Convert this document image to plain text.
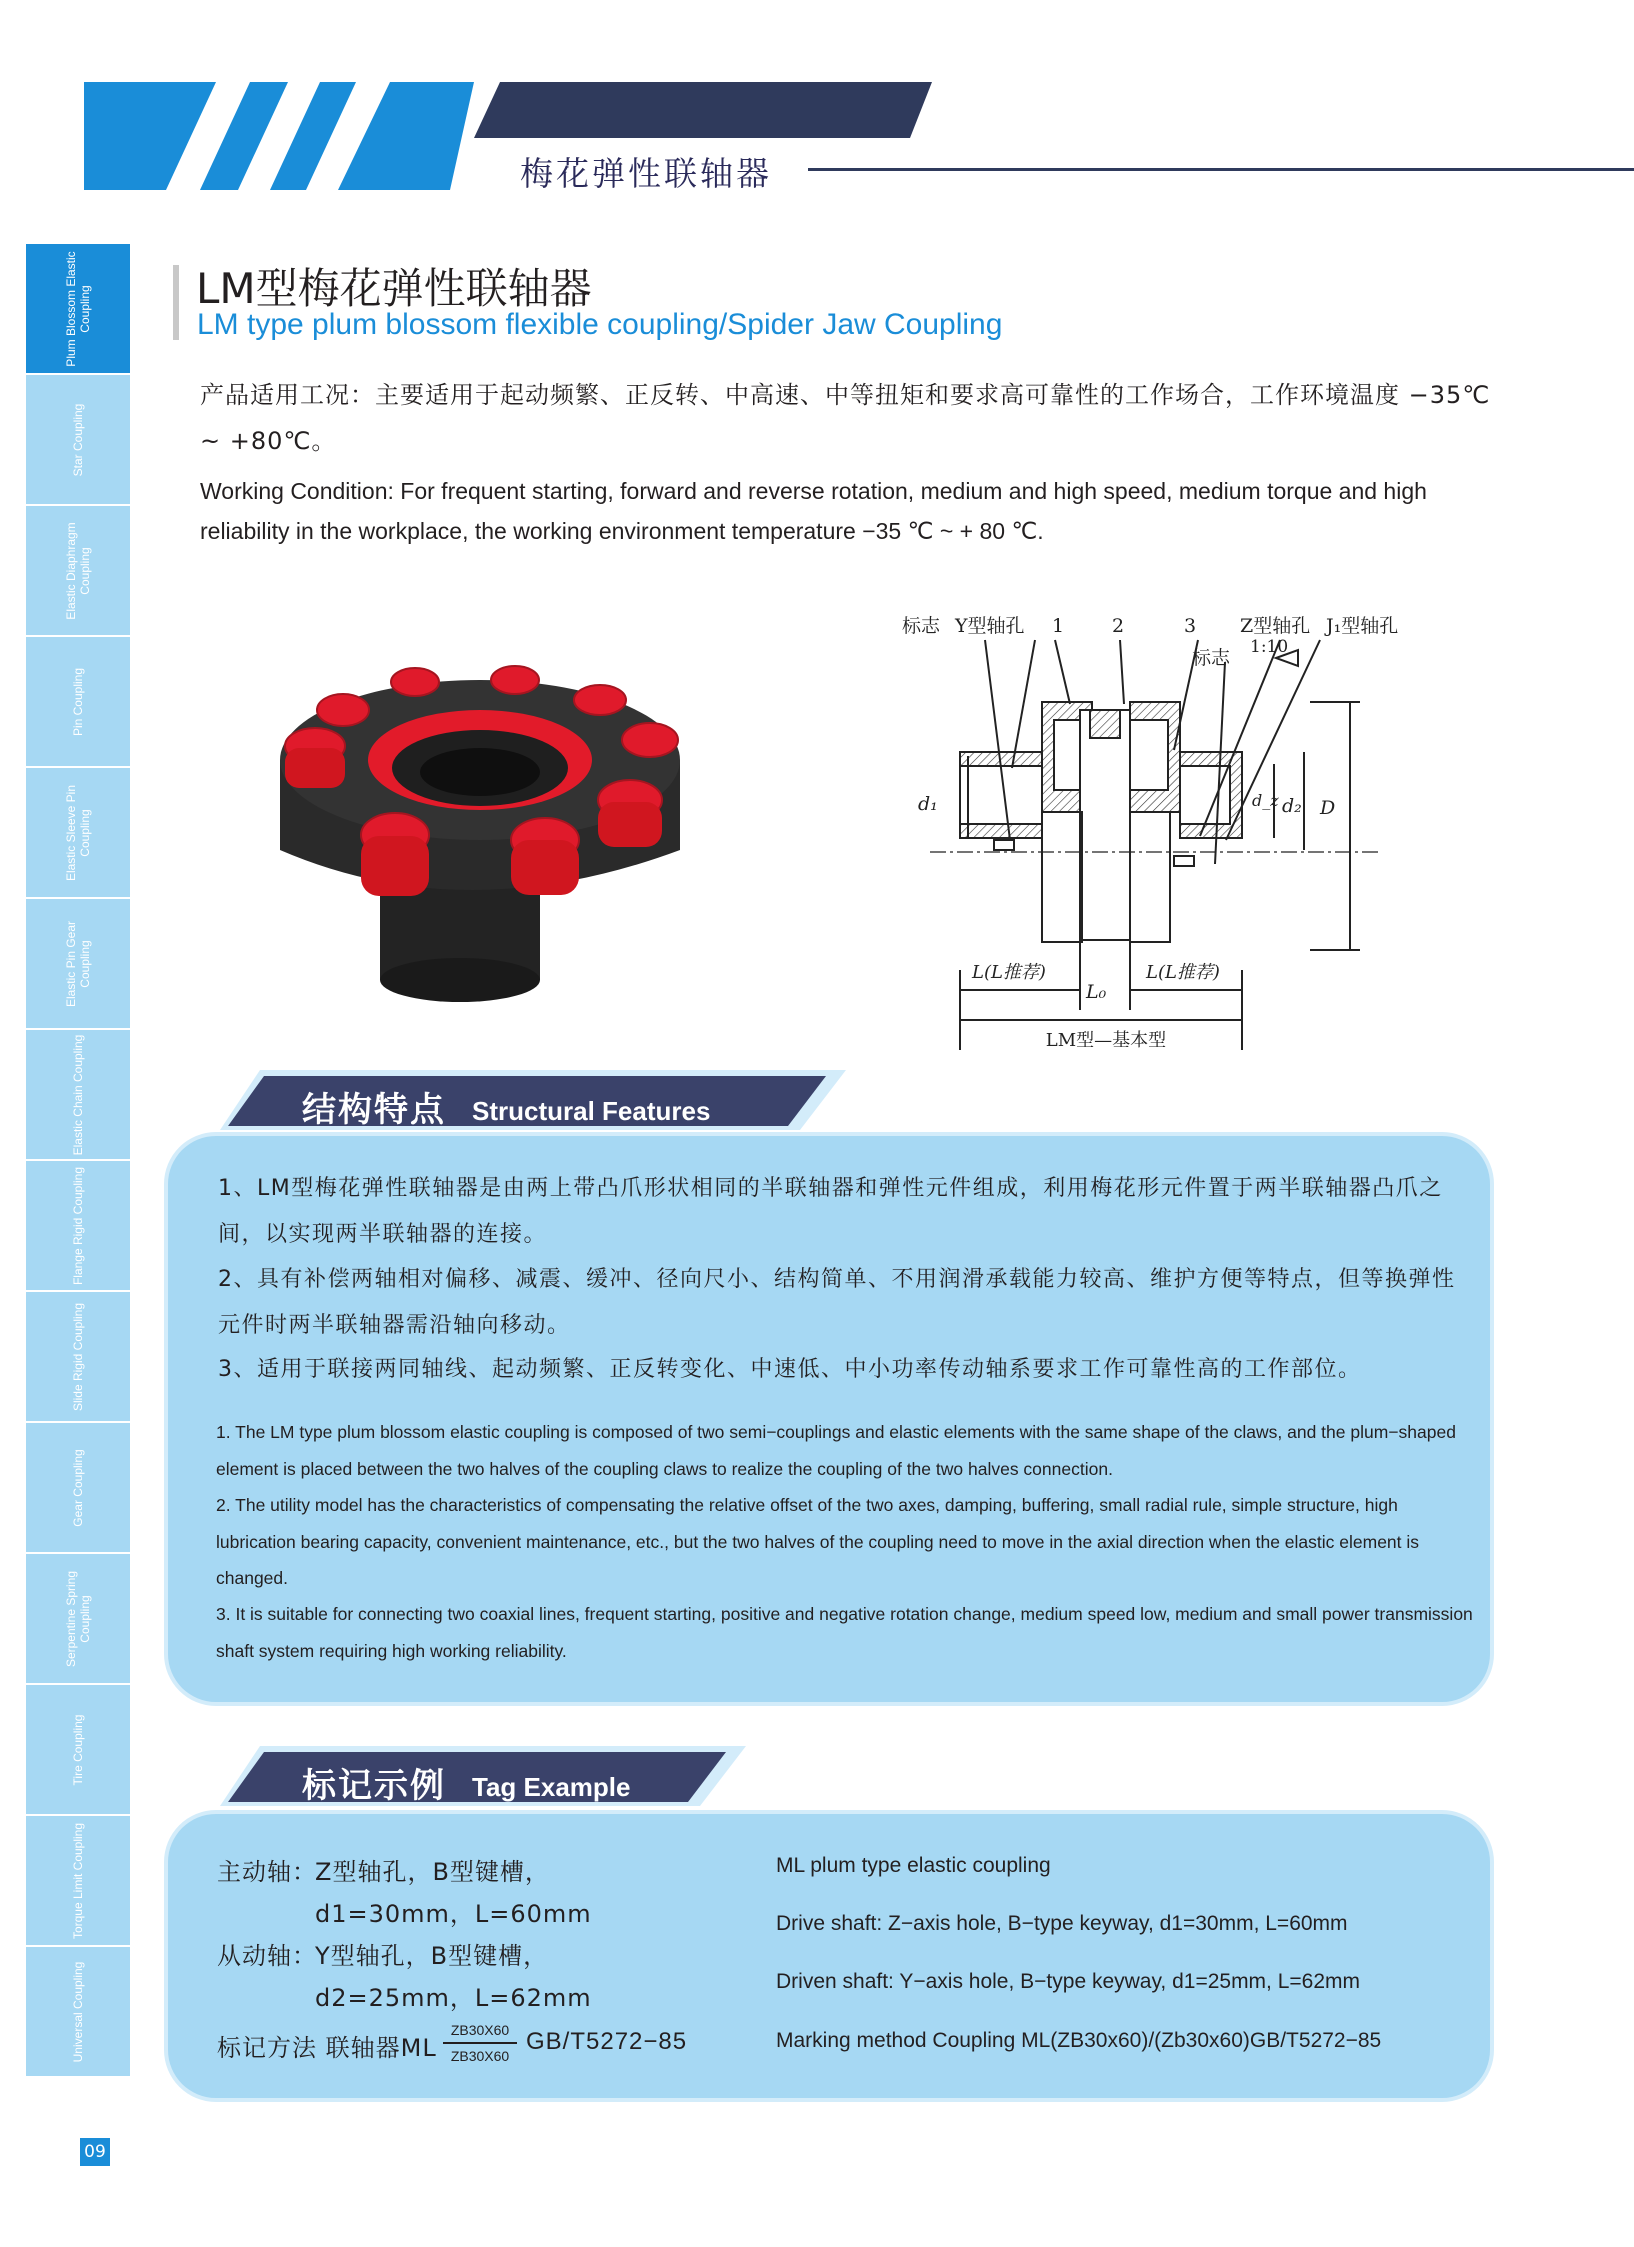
梅花弹性联轴器
Plum Blossom Elastic Coupling
Star Coupling
Elastic Diaphragm Coupling
Pin Coupling
Elastic Sleeve Pin Coupling
Elastic Pin Gear Coupling
Elastic Chain Coupling
Flange Rigid Coupling
Slide Rigid Coupling
Gear Coupling
Serpentine Spring Coupling
Tire Coupling
Torque Limit Coupling
Universal Coupling
09
LM型梅花弹性联轴器
LM type plum blossom flexible coupling/Spider Jaw Coupling
产品适用工况：主要适用于起动频繁、正反转、中高速、中等扭矩和要求高可靠性的工作场合，工作环境温度 −35℃ ~ +80℃。
Working Condition: For frequent starting, forward and reverse rotation, medium and high speed, medium torque and high reliability in the workplace, the working environment temperature −35 ℃ ~ + 80 ℃.
标志 Y型轴孔 1	2	3 Z型轴孔 J₁型轴孔
标志 1:10
d₁	d_z d₂ D
L(L推荐)	L(L推荐)
L₀
LM型—基本型
结构特点 Structural Features
1、LM型梅花弹性联轴器是由两上带凸爪形状相同的半联轴器和弹性元件组成，利用梅花形元件置于两半联轴器凸爪之间，以实现两半联轴器的连接。
2、具有补偿两轴相对偏移、减震、缓冲、径向尺小、结构简单、不用润滑承载能力较高、维护方便等特点，但等换弹性元件时两半联轴器需沿轴向移动。
3、适用于联接两同轴线、起动频繁、正反转变化、中速低、中小功率传动轴系要求工作可靠性高的工作部位。
1. The LM type plum blossom elastic coupling is composed of two semi−couplings and elastic elements with the same shape of the claws, and the plum−shaped element is placed between the two halves of the coupling claws to realize the coupling of the two halves connection.
2. The utility model has the characteristics of compensating the relative offset of the two axes, damping, buffering, small radial rule, simple structure, high lubrication bearing capacity, convenient maintenance, etc., but the two halves of the coupling need to move in the axial direction when the elastic element is changed.
3. It is suitable for connecting two coaxial lines, frequent starting, positive and negative rotation change, medium speed low, medium and small power transmission shaft system requiring high working reliability.
标记示例 Tag Example
主动轴：
Z型轴孔，B型键槽，
d1=30mm，L=60mm
从动轴：
Y型轴孔，B型键槽，
d2=25mm，L=62mm
标记方法 联轴器ML
ZB30X60
ZB30X60
GB/T5272−85
ML plum type elastic coupling
Drive shaft: Z−axis hole, B−type keyway, d1=30mm, L=60mm
Driven shaft: Y−axis hole, B−type keyway, d1=25mm, L=62mm
Marking method Coupling ML(ZB30x60)/(Zb30x60)GB/T5272−85
